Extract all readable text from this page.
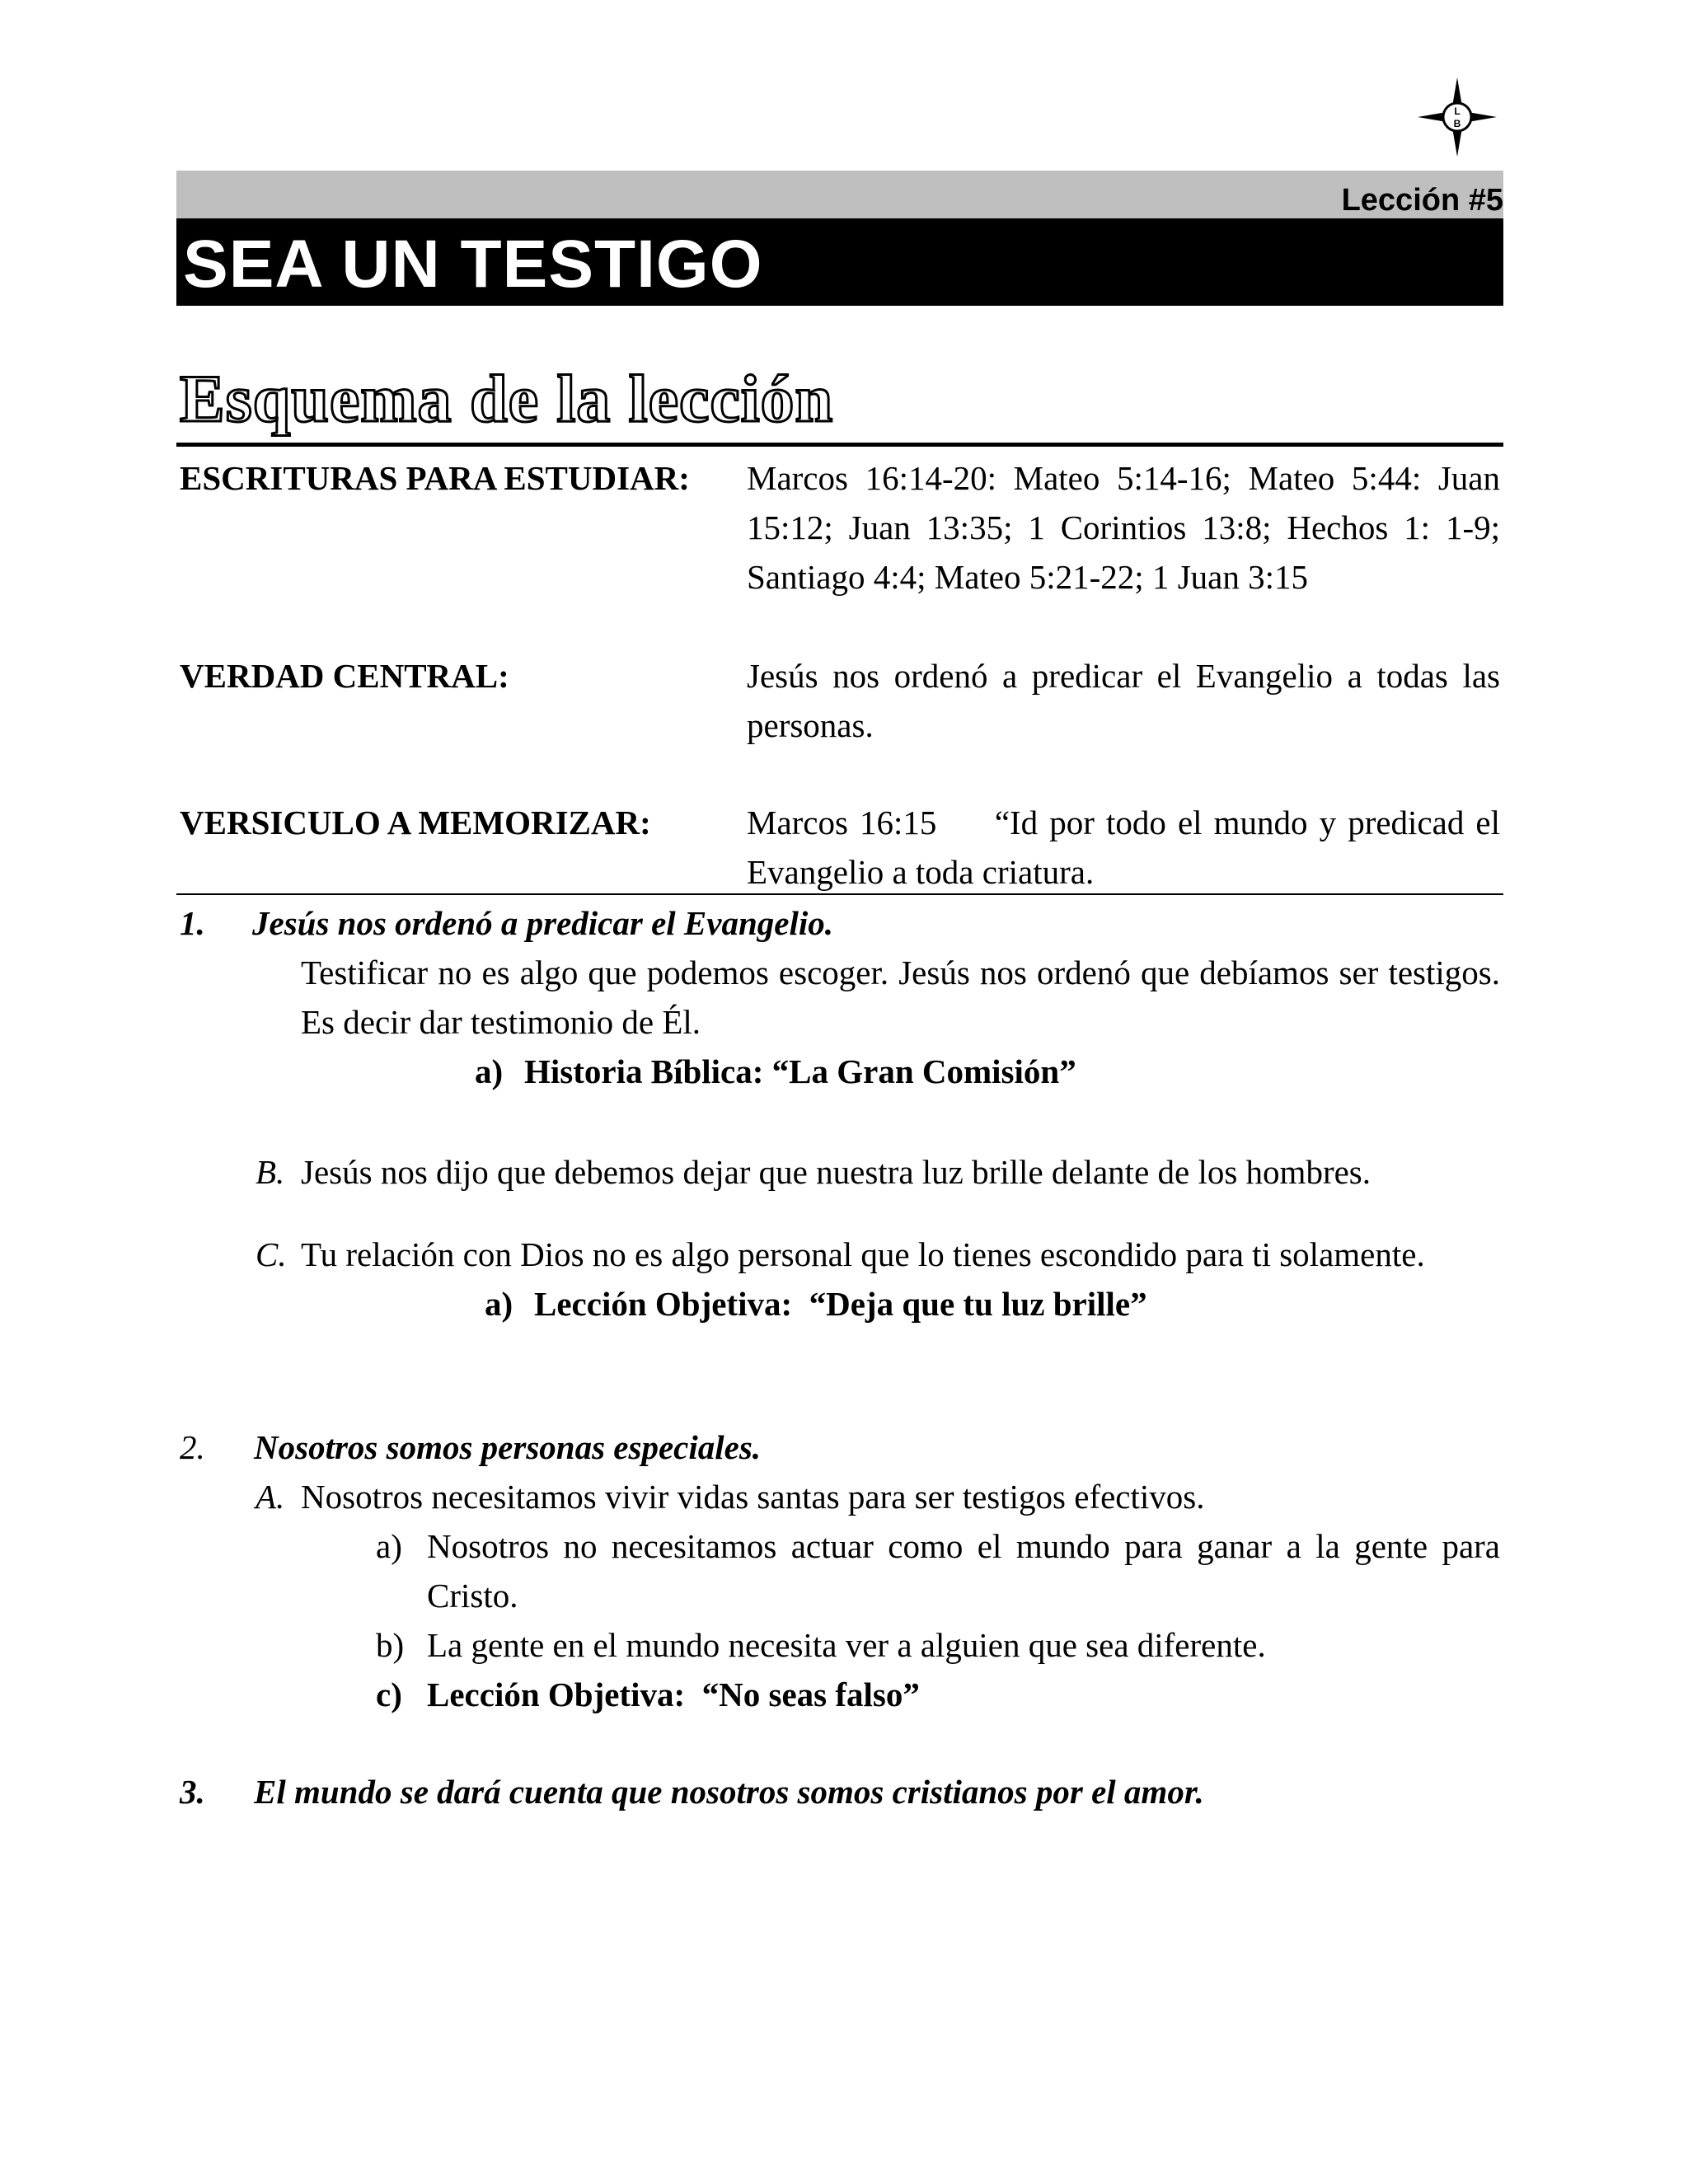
L
B
Lección #5
SEA UN TESTIGO
Esquema de la lección
ESCRITURAS PARA ESTUDIAR: Marcos 16:14-20: Mateo 5:14-16; Mateo 5:44: Juan 15:12; Juan 13:35; 1 Corintios 13:8; Hechos 1: 1-9; Santiago 4:4; Mateo 5:21-22; 1 Juan 3:15
VERDAD CENTRAL:	Jesús nos ordenó a predicar el Evangelio a todas las personas.
VERSICULO A MEMORIZAR:	Marcos 16:15     “Id por todo el mundo y predicad el Evangelio a toda criatura.
1. Jesús nos ordenó a predicar el Evangelio.
Testificar no es algo que podemos escoger. Jesús nos ordenó que debíamos ser testigos. Es decir dar testimonio de Él.
a) Historia Bíblica: “La Gran Comisión”
B. Jesús nos dijo que debemos dejar que nuestra luz brille delante de los hombres.
C. Tu relación con Dios no es algo personal que lo tienes escondido para ti solamente.
a) Lección Objetiva:  “Deja que tu luz brille”
2. Nosotros somos personas especiales.
A. Nosotros necesitamos vivir vidas santas para ser testigos efectivos.
a) Nosotros no necesitamos actuar como el mundo para ganar a la gente para Cristo.
b) La gente en el mundo necesita ver a alguien que sea diferente.
c) Lección Objetiva:  “No seas falso”
3. El mundo se dará cuenta que nosotros somos cristianos por el amor.
